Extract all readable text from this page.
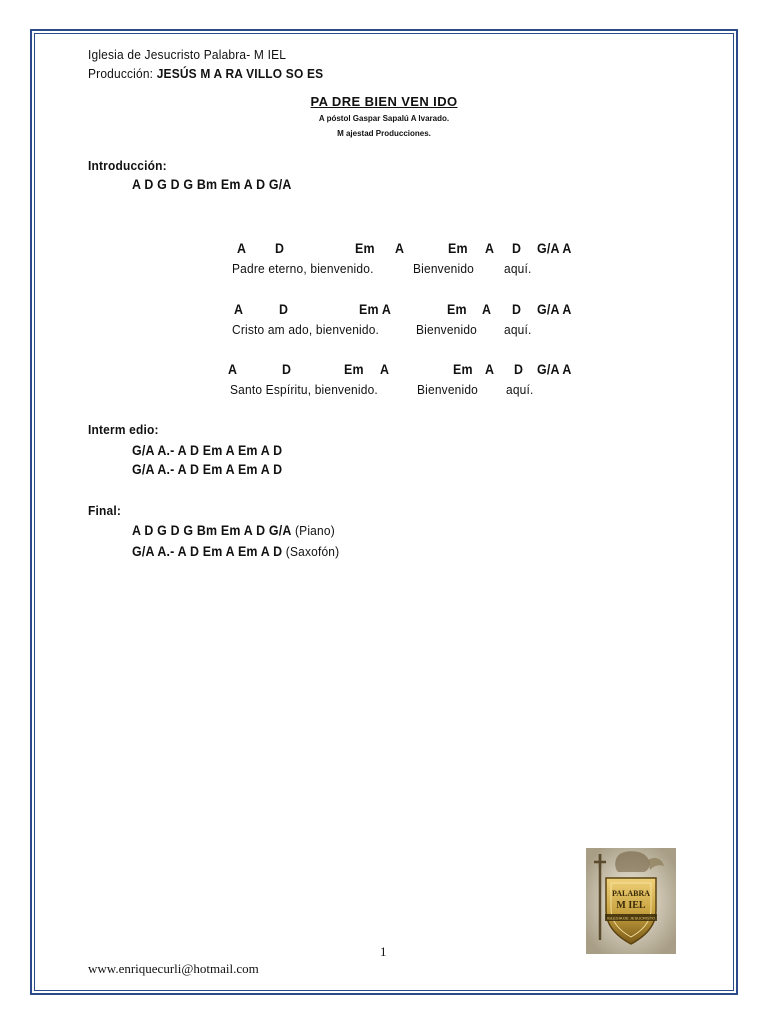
Iglesia de Jesucristo Palabra- M IEL
Producción: JESÚS M A RA VILLO SO ES
PA DRE BIEN VEN IDO
A póstol Gaspar Sapalú A lvarado.
M ajestad Producciones.
Introducción:
A D G D G Bm Em A D G/A
A D	Em A	Em A D G/A A
Padre eterno, bienvenido.	Bienvenido aquí.
A	D	Em A	Em A D G/A A
Cristo am ado, bienvenido.	Bienvenido aquí.
A	D	Em A	Em A D G/A A
Santo Espíritu, bienvenido.	Bienvenido aquí.
Interm edio:
G/A A.- A D Em A Em A D
G/A A.- A D Em A Em A D
Final:
A D G D G Bm Em A D G/A (Piano)
G/A A.- A D Em A Em A D (Saxofón)
PALABRA
M IEL
IGLESIA DE JESUCRISTO
1
www.enriquecurli@hotmail.com
